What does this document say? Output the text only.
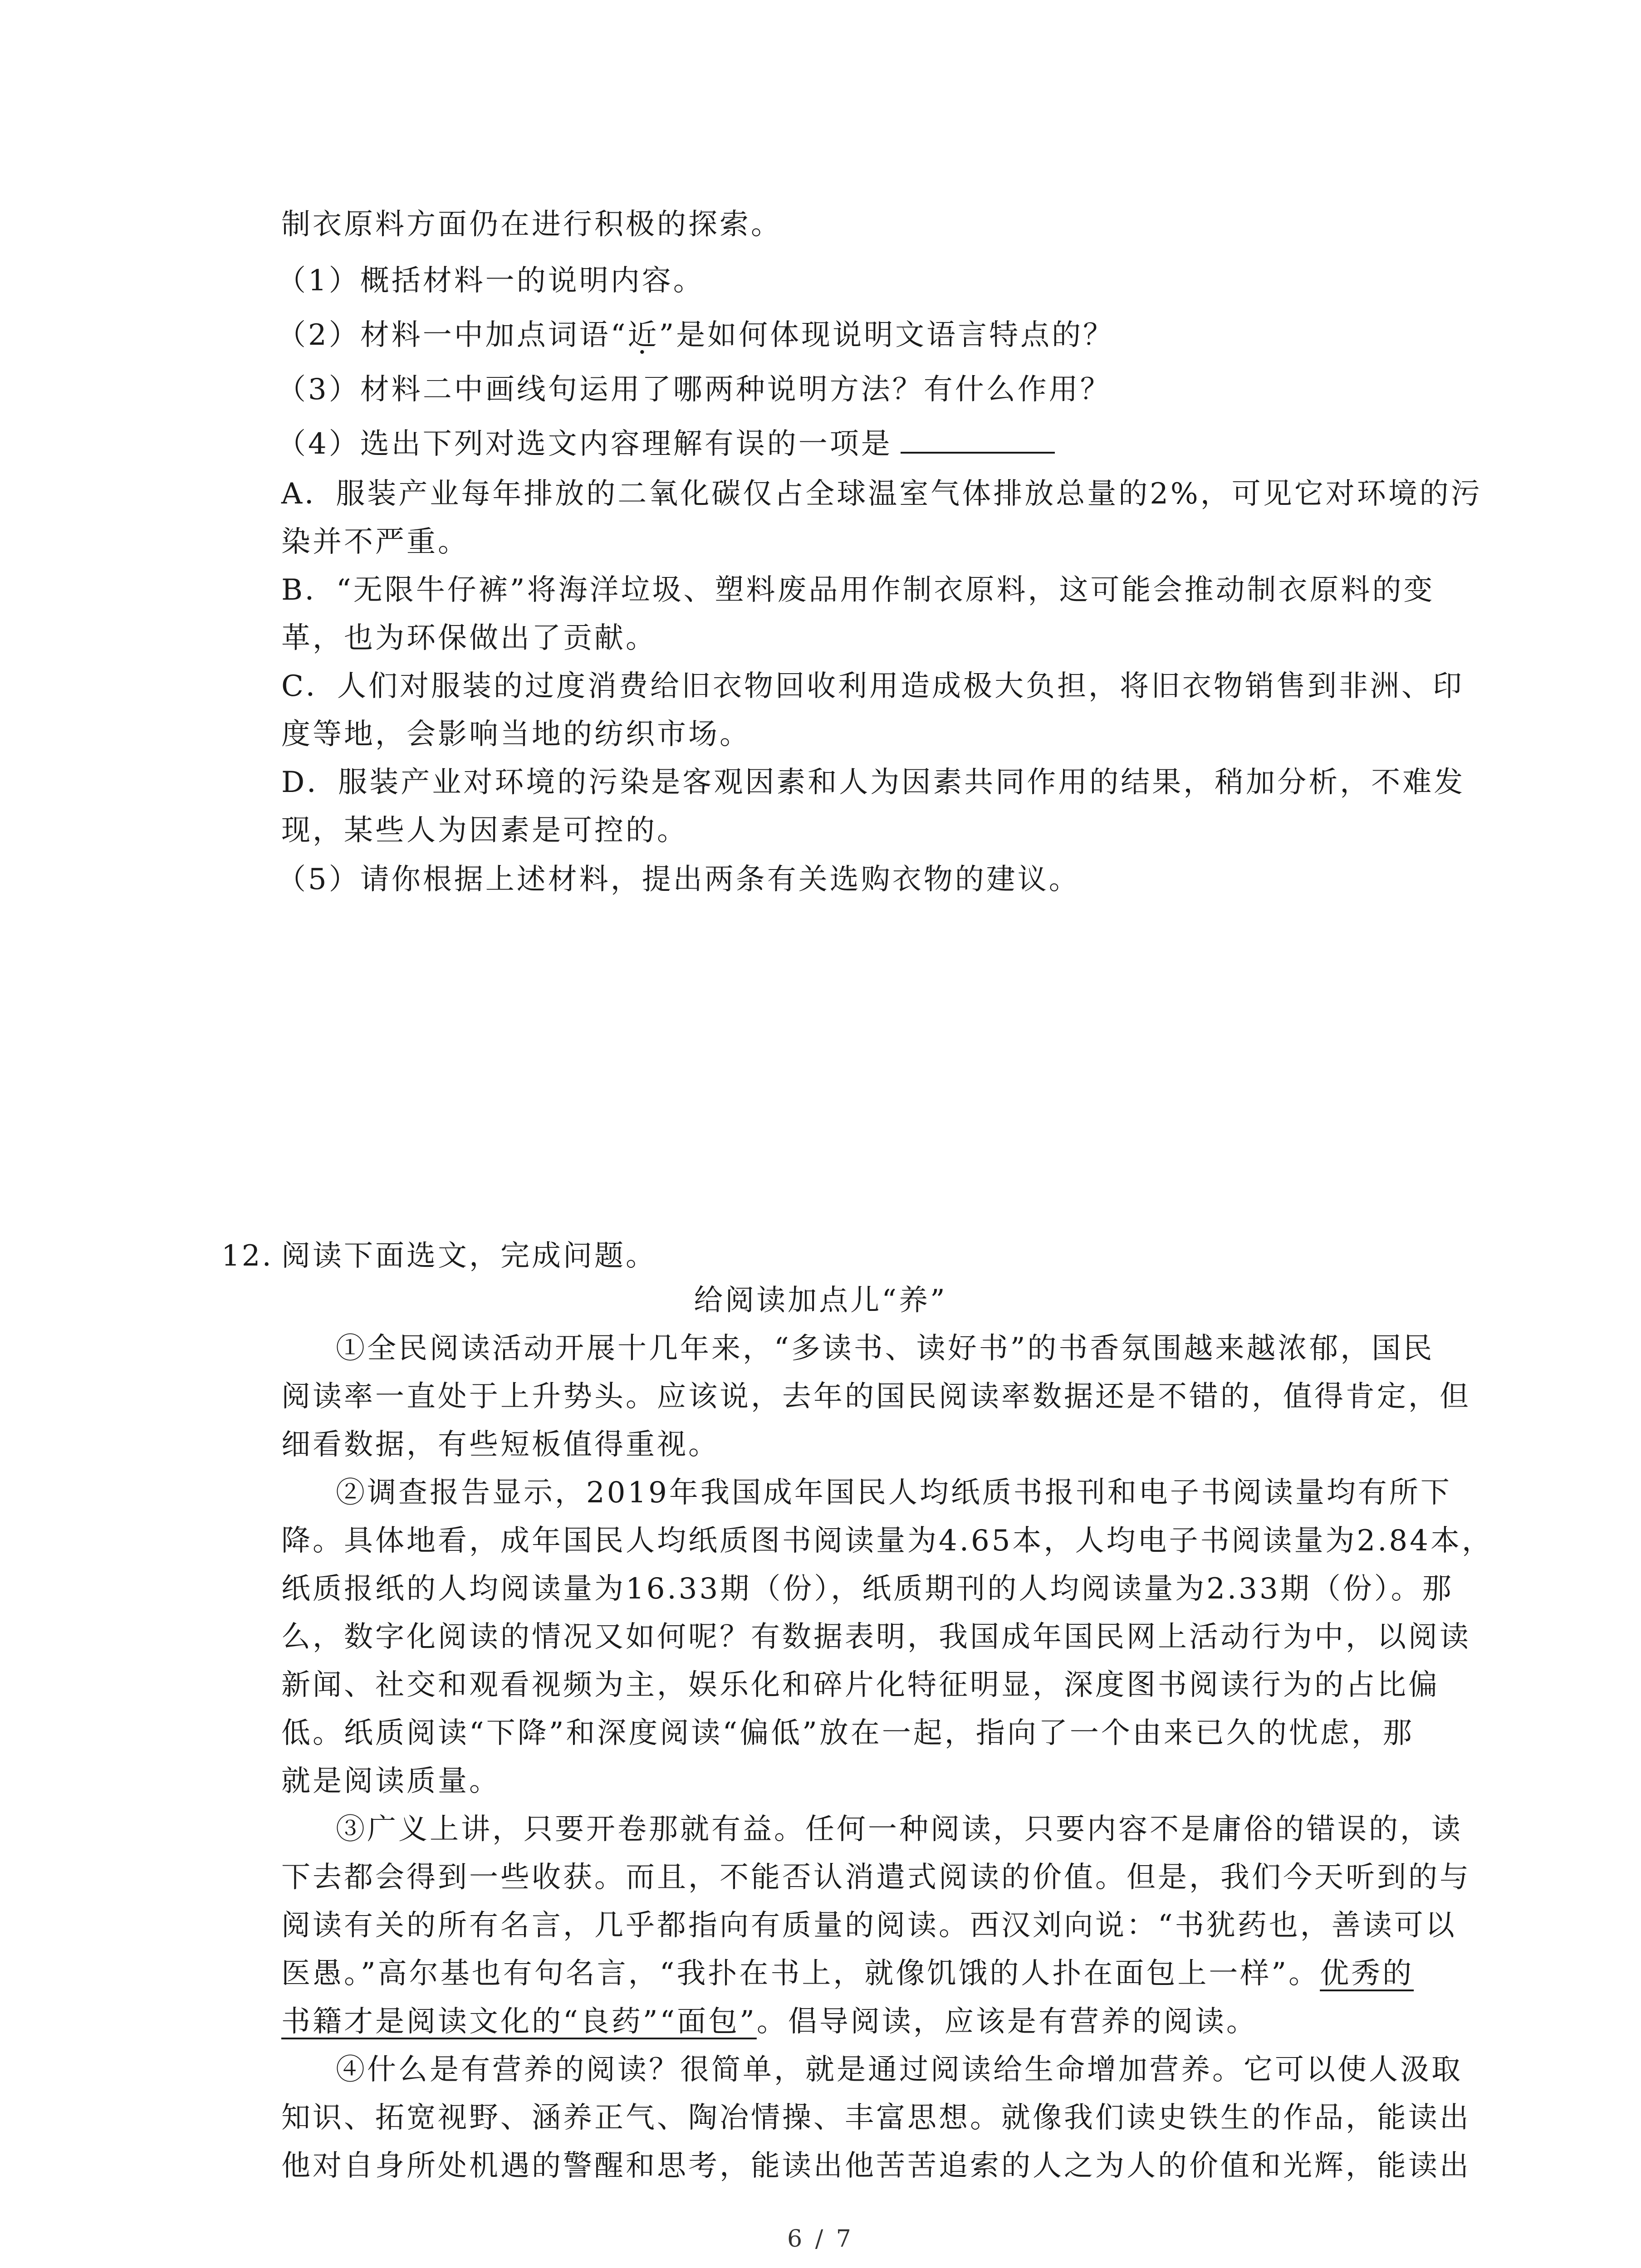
制衣原料方面仍在进行积极的探索。

（1）概括材料一的说明内容。

（2）材料一中加点词语“近”是如何体现说明文语言特点的？

（3）材料二中画线句运用了哪两种说明方法？有什么作用？

（4）选出下列对选文内容理解有误的一项是

A．服装产业每年排放的二氧化碳仅占全球温室气体排放总量的2%，可见它对环境的污

染并不严重。

B．“无限牛仔裤”将海洋垃圾、塑料废品用作制衣原料，这可能会推动制衣原料的变

革，也为环保做出了贡献。

C．人们对服装的过度消费给旧衣物回收利用造成极大负担，将旧衣物销售到非洲、印

度等地，会影响当地的纺织市场。

D．服装产业对环境的污染是客观因素和人为因素共同作用的结果，稍加分析，不难发

现，某些人为因素是可控的。

（5）请你根据上述材料，提出两条有关选购衣物的建议。

12. 阅读下面选文，完成问题。

给阅读加点儿“养”

①全民阅读活动开展十几年来，“多读书、读好书”的书香氛围越来越浓郁，国民

阅读率一直处于上升势头。应该说，去年的国民阅读率数据还是不错的，值得肯定，但

细看数据，有些短板值得重视。

②调查报告显示，2019年我国成年国民人均纸质书报刊和电子书阅读量均有所下

降。具体地看，成年国民人均纸质图书阅读量为4.65本，人均电子书阅读量为2.84本，

纸质报纸的人均阅读量为16.33期（份），纸质期刊的人均阅读量为2.33期（份）。那

么，数字化阅读的情况又如何呢？有数据表明，我国成年国民网上活动行为中，以阅读

新闻、社交和观看视频为主，娱乐化和碎片化特征明显，深度图书阅读行为的占比偏

低。纸质阅读“下降”和深度阅读“偏低”放在一起，指向了一个由来已久的忧虑，那

就是阅读质量。

③广义上讲，只要开卷那就有益。任何一种阅读，只要内容不是庸俗的错误的，读

下去都会得到一些收获。而且，不能否认消遣式阅读的价值。但是，我们今天听到的与

阅读有关的所有名言，几乎都指向有质量的阅读。西汉刘向说：“书犹药也，善读可以

医愚。”高尔基也有句名言，“我扑在书上，就像饥饿的人扑在面包上一样”。优秀的

书籍才是阅读文化的“良药”“面包”。倡导阅读，应该是有营养的阅读。

④什么是有营养的阅读？很简单，就是通过阅读给生命增加营养。它可以使人汲取

知识、拓宽视野、涵养正气、陶冶情操、丰富思想。就像我们读史铁生的作品，能读出

他对自身所处机遇的警醒和思考，能读出他苦苦追索的人之为人的价值和光辉，能读出

6 / 7
